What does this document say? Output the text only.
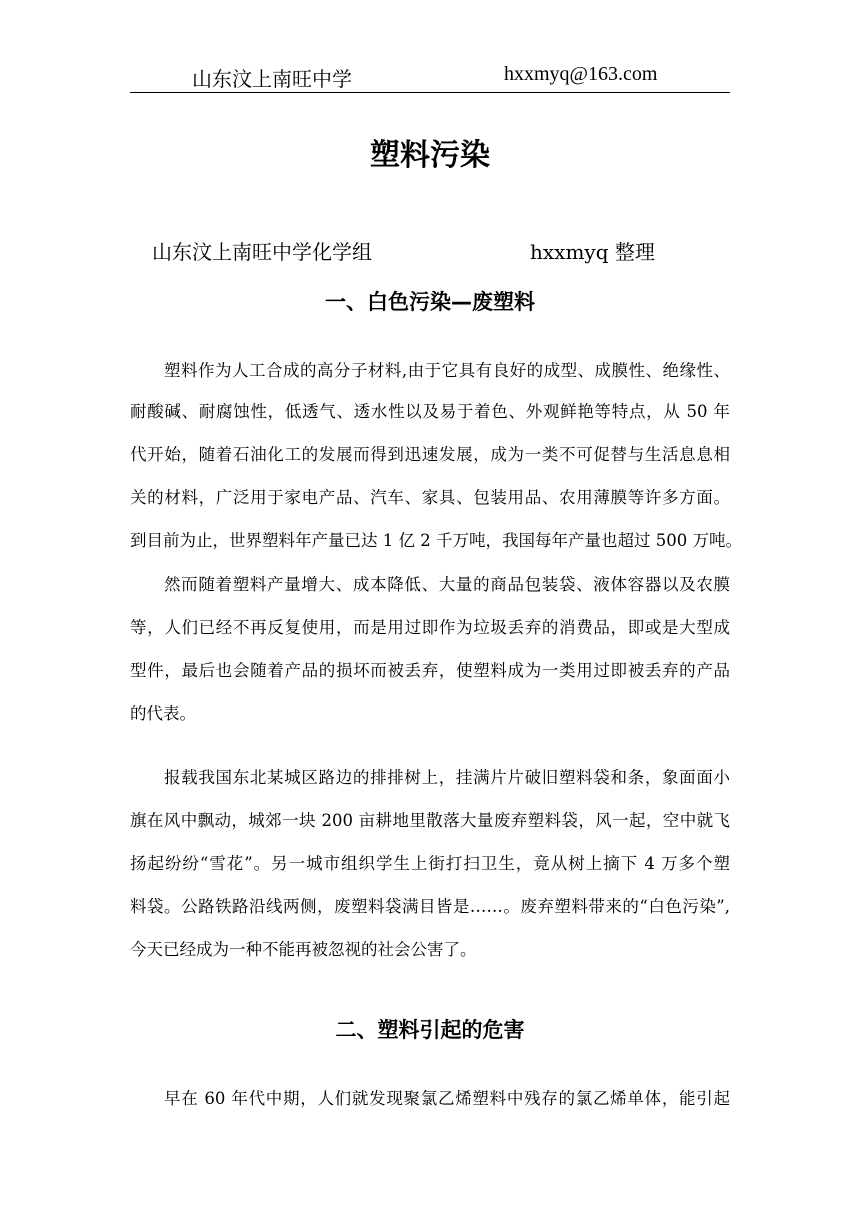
山东汶上南旺中学	hxxmyq@163.com
塑料污染
山东汶上南旺中学化学组	hxxmyq 整理
一、白色污染—废塑料
塑料作为人工合成的高分子材料,由于它具有良好的成型、成膜性、绝缘性、
耐酸碱、耐腐蚀性，低透气、透水性以及易于着色、外观鲜艳等特点，从 50 年
代开始，随着石油化工的发展而得到迅速发展，成为一类不可促替与生活息息相
关的材料，广泛用于家电产品、汽车、家具、包装用品、农用薄膜等许多方面。
到目前为止，世界塑料年产量已达 1 亿 2 千万吨，我国每年产量也超过 500 万吨。
然而随着塑料产量增大、成本降低、大量的商品包装袋、液体容器以及农膜
等，人们已经不再反复使用，而是用过即作为垃圾丢弃的消费品，即或是大型成
型件，最后也会随着产品的损坏而被丢弃，使塑料成为一类用过即被丢弃的产品
的代表。
报载我国东北某城区路边的排排树上，挂满片片破旧塑料袋和条，象面面小
旗在风中飘动，城郊一块 200 亩耕地里散落大量废弃塑料袋，风一起，空中就飞
扬起纷纷“雪花”。另一城市组织学生上街打扫卫生，竟从树上摘下 4 万多个塑
料袋。公路铁路沿线两侧，废塑料袋满目皆是……。废弃塑料带来的“白色污染”,
今天已经成为一种不能再被忽视的社会公害了。
二、塑料引起的危害
早在 60 年代中期，人们就发现聚氯乙烯塑料中残存的氯乙烯单体，能引起
